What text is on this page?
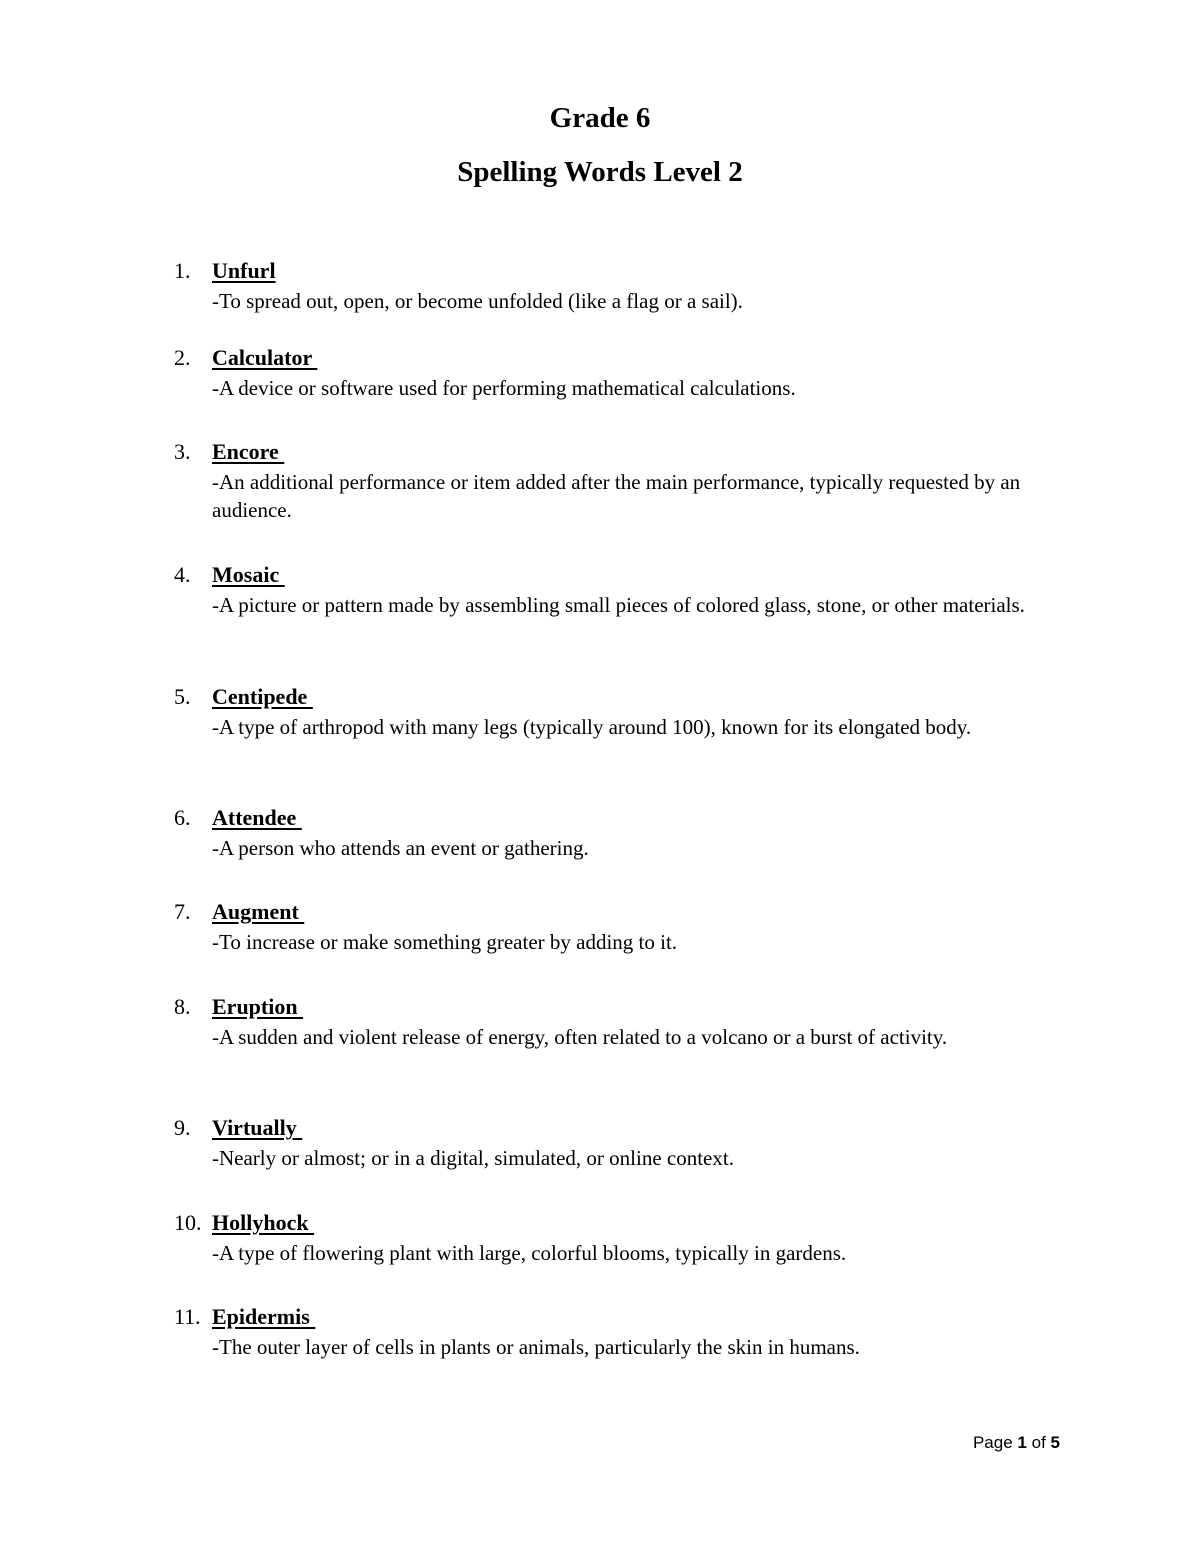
Grade 6
Spelling Words Level 2
1. Unfurl
-To spread out, open, or become unfolded (like a flag or a sail).
2. Calculator
-A device or software used for performing mathematical calculations.
3. Encore
-An additional performance or item added after the main performance, typically requested by an audience.
4. Mosaic
-A picture or pattern made by assembling small pieces of colored glass, stone, or other materials.
5. Centipede
-A type of arthropod with many legs (typically around 100), known for its elongated body.
6. Attendee
-A person who attends an event or gathering.
7. Augment
-To increase or make something greater by adding to it.
8. Eruption
-A sudden and violent release of energy, often related to a volcano or a burst of activity.
9. Virtually
-Nearly or almost; or in a digital, simulated, or online context.
10. Hollyhock
-A type of flowering plant with large, colorful blooms, typically in gardens.
11. Epidermis
-The outer layer of cells in plants or animals, particularly the skin in humans.
Page 1 of 5
